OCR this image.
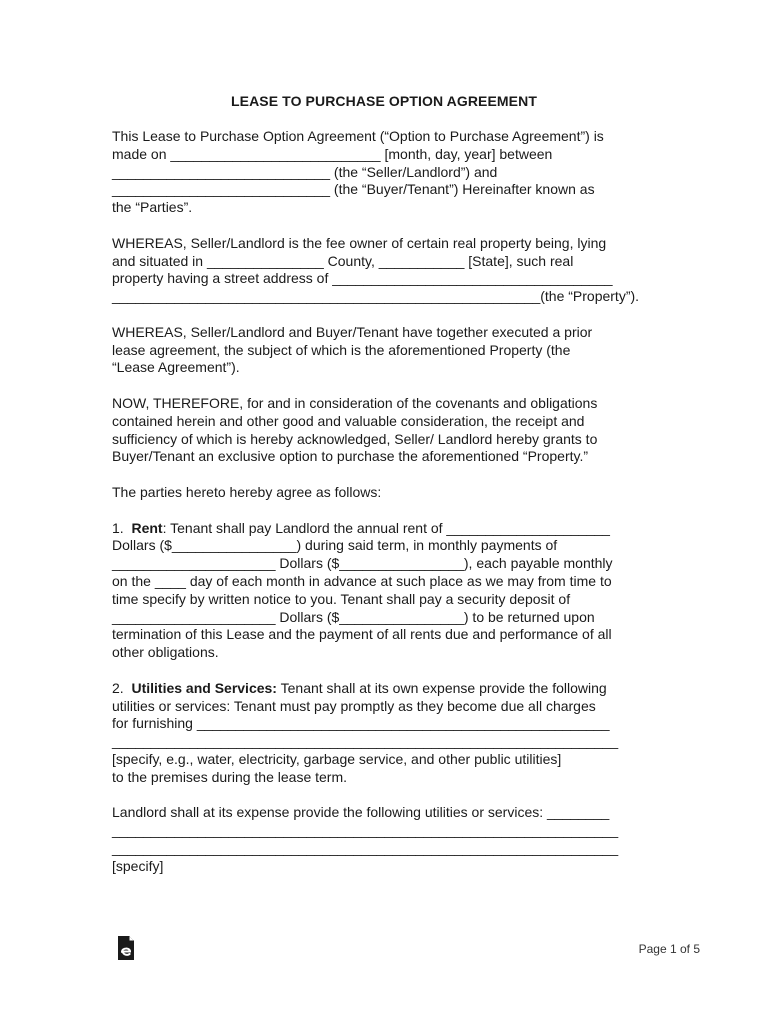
LEASE TO PURCHASE OPTION AGREEMENT
This Lease to Purchase Option Agreement (“Option to Purchase Agreement”) is
made on ___________________________ [month, day, year] between
____________________________ (the “Seller/Landlord”) and
____________________________ (the “Buyer/Tenant”) Hereinafter known as
the “Parties”.
WHEREAS, Seller/Landlord is the fee owner of certain real property being, lying
and situated in _______________ County, ___________ [State], such real
property having a street address of ____________________________________
_______________________________________________________(the “Property”).
WHEREAS, Seller/Landlord and Buyer/Tenant have together executed a prior
lease agreement, the subject of which is the aforementioned Property (the
“Lease Agreement”).
NOW, THEREFORE, for and in consideration of the covenants and obligations
contained herein and other good and valuable consideration, the receipt and
sufficiency of which is hereby acknowledged, Seller/ Landlord hereby grants to
Buyer/Tenant an exclusive option to purchase the aforementioned “Property.”
The parties hereto hereby agree as follows:
1.  Rent: Tenant shall pay Landlord the annual rent of _____________________
Dollars ($________________) during said term, in monthly payments of
_____________________ Dollars ($________________), each payable monthly
on the ____ day of each month in advance at such place as we may from time to
time specify by written notice to you. Tenant shall pay a security deposit of
_____________________ Dollars ($________________) to be returned upon
termination of this Lease and the payment of all rents due and performance of all
other obligations.
2.  Utilities and Services: Tenant shall at its own expense provide the following
utilities or services: Tenant must pay promptly as they become due all charges
for furnishing _____________________________________________________
_________________________________________________________________
[specify, e.g., water, electricity, garbage service, and other public utilities]
to the premises during the lease term.
Landlord shall at its expense provide the following utilities or services: ________
_________________________________________________________________
_________________________________________________________________
[specify]
Page 1 of 5
